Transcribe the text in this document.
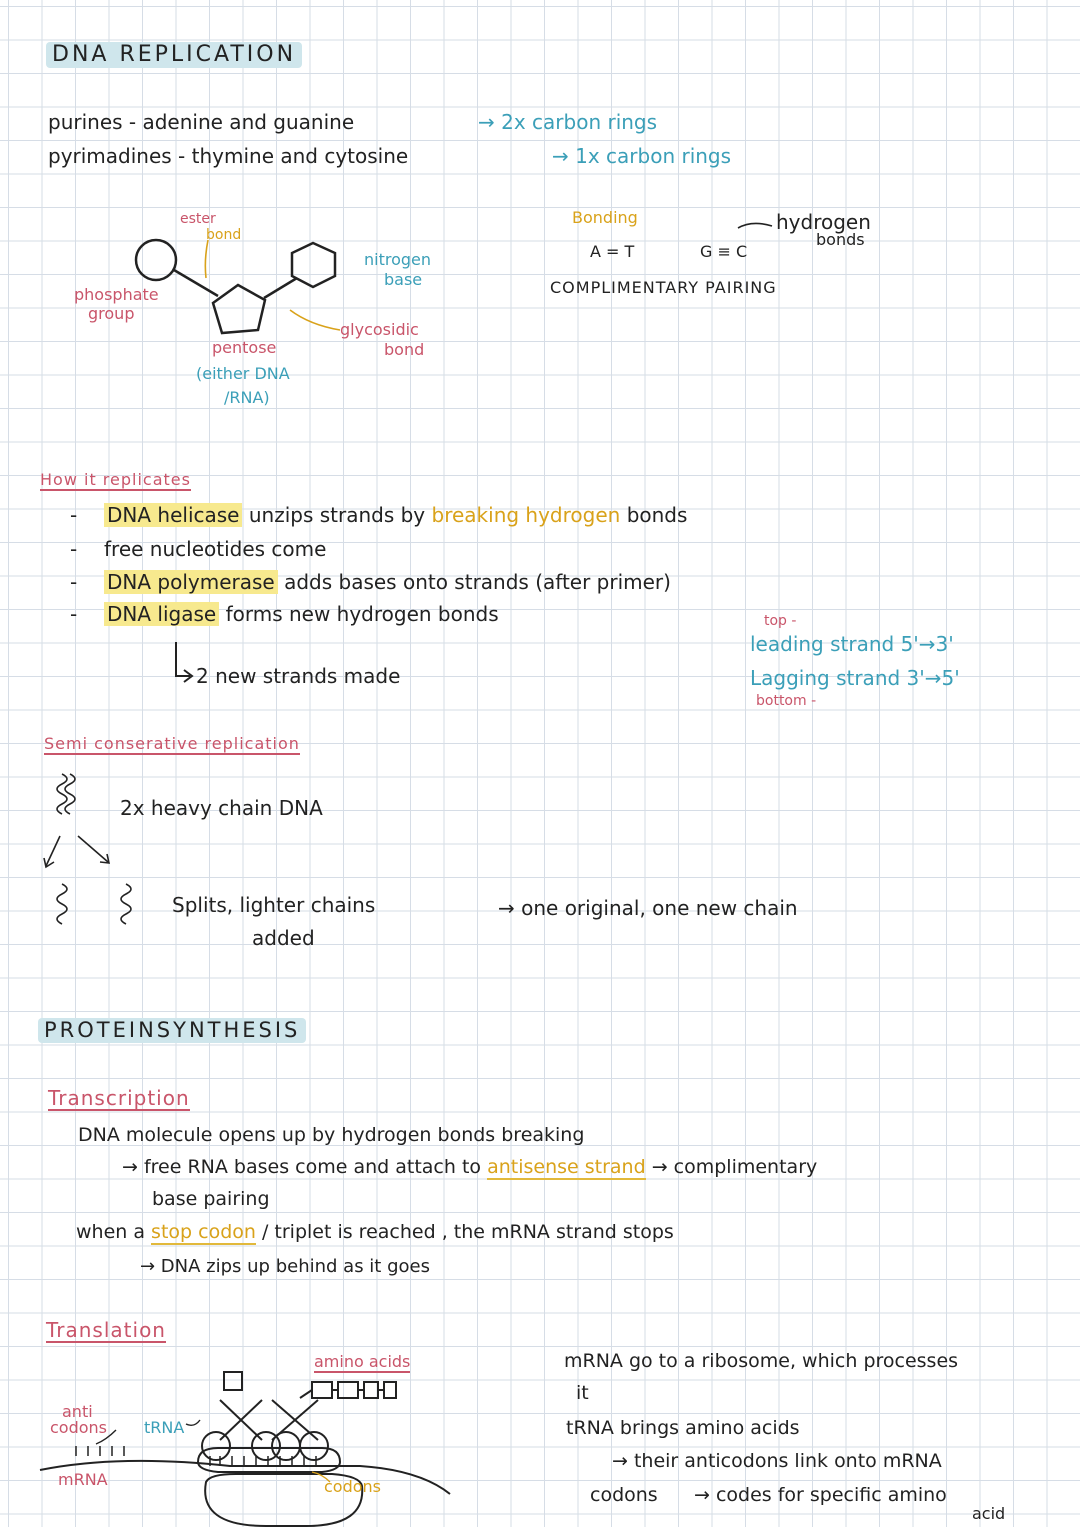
DNA REPLICATION
purines - adenine and guanine	→ 2x carbon rings
pyrimadines - thymine and cytosine	→ 1x carbon rings
ester
bond
phosphate
group
nitrogen
base
glycosidic
bond
pentose
(either DNA
/RNA)
Bonding
A = T	G ≡ C
hydrogen
bonds
COMPLIMENTARY PAIRING
How it replicates
- DNA helicase unzips strands by breaking hydrogen bonds
- free nucleotides come
- DNA polymerase adds bases onto strands (after primer)
- DNA ligase forms new hydrogen bonds
2 new strands made
top -
leading strand 5'→3'
Lagging strand 3'→5'
bottom -
Semi conserative replication
2x heavy chain DNA
Splits, lighter chains
added
→ one original, one new chain
PROTEINSYNTHESIS
Transcription
DNA molecule opens up by hydrogen bonds breaking
→ free RNA bases come and attach to antisense strand → complimentary
base pairing
when a stop codon / triplet is reached , the mRNA strand stops
→ DNA zips up behind as it goes
Translation
amino acids
anti
codons tRNA
mRNA	codons
mRNA go to a ribosome, which processes
it
tRNA brings amino acids
→ their anticodons link onto mRNA
codons → codes for specific amino
acid
